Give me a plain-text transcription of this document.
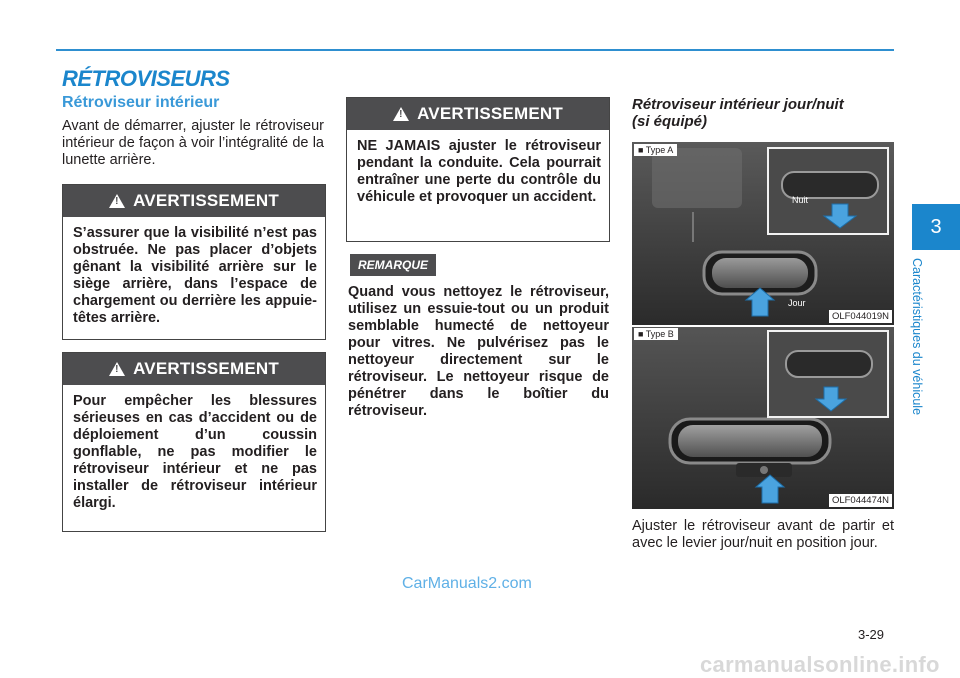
RÉTROVISEURS
Rétroviseur intérieur
Avant de démarrer, ajuster le rétroviseur intérieur de façon à voir l’intégralité de la lunette arrière.
!
AVERTISSEMENT
S’assurer que la visibilité n’est pas obstruée. Ne pas placer d’objets gênant la visibilité arrière sur le siège arrière, dans l’espace de chargement ou derrière les appuie-têtes arrière.
!
AVERTISSEMENT
Pour empêcher les blessures sérieuses en cas d’accident ou de déploiement d’un coussin gonflable, ne pas modifier le rétroviseur intérieur et ne pas installer de rétroviseur intérieur élargi.
!
AVERTISSEMENT
NE JAMAIS ajuster le rétroviseur pendant la conduite. Cela pourrait entraîner une perte du contrôle du véhicule et provoquer un accident.
REMARQUE
Quand vous nettoyez le rétroviseur, utilisez un essuie-tout ou un produit semblable humecté de nettoyeur pour vitres. Ne pulvérisez pas le nettoyeur directement sur le rétroviseur. Le nettoyeur risque de pénétrer dans le boîtier du rétroviseur.
Rétroviseur intérieur jour/nuit
(si équipé)
■ Type A
Nuit
Jour
OLF044019N
■ Type B
OLF044474N
Ajuster le rétroviseur avant de partir et avec le levier jour/nuit en position jour.
3
Caractéristiques du véhicule
3-29
CarManuals2.com
carmanualsonline.info
